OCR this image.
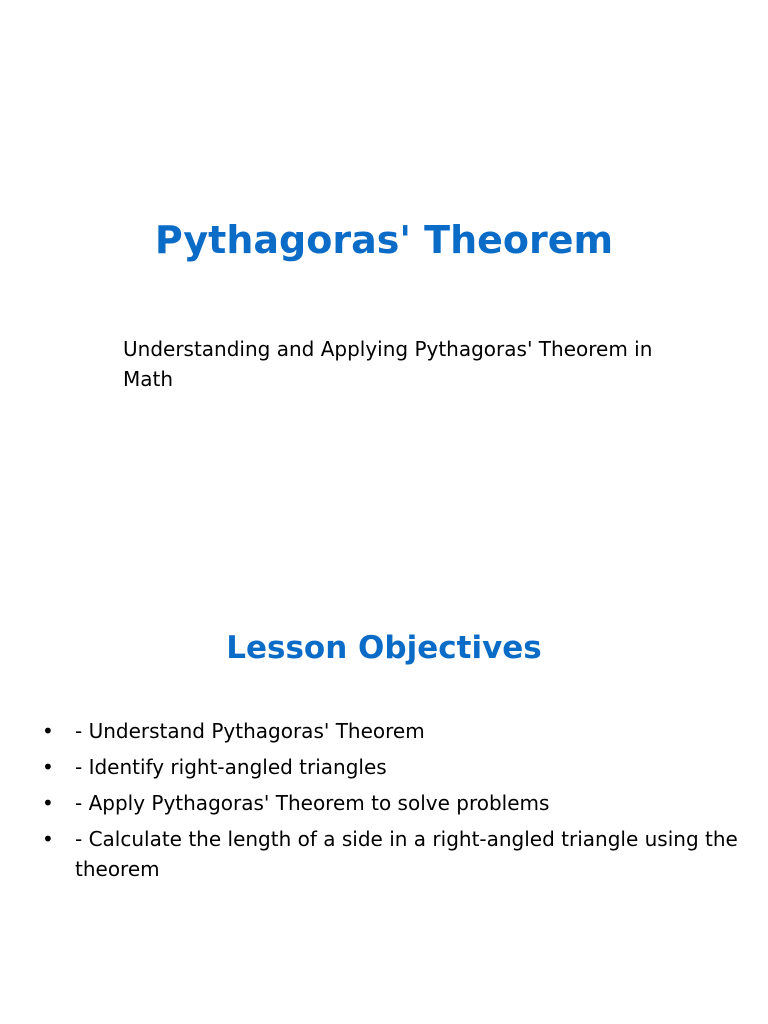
Pythagoras' Theorem
Understanding and Applying Pythagoras' Theorem in Math
Lesson Objectives
• - Understand Pythagoras' Theorem
• - Identify right-angled triangles
• - Apply Pythagoras' Theorem to solve problems
• - Calculate the length of a side in a right-angled triangle using the theorem
